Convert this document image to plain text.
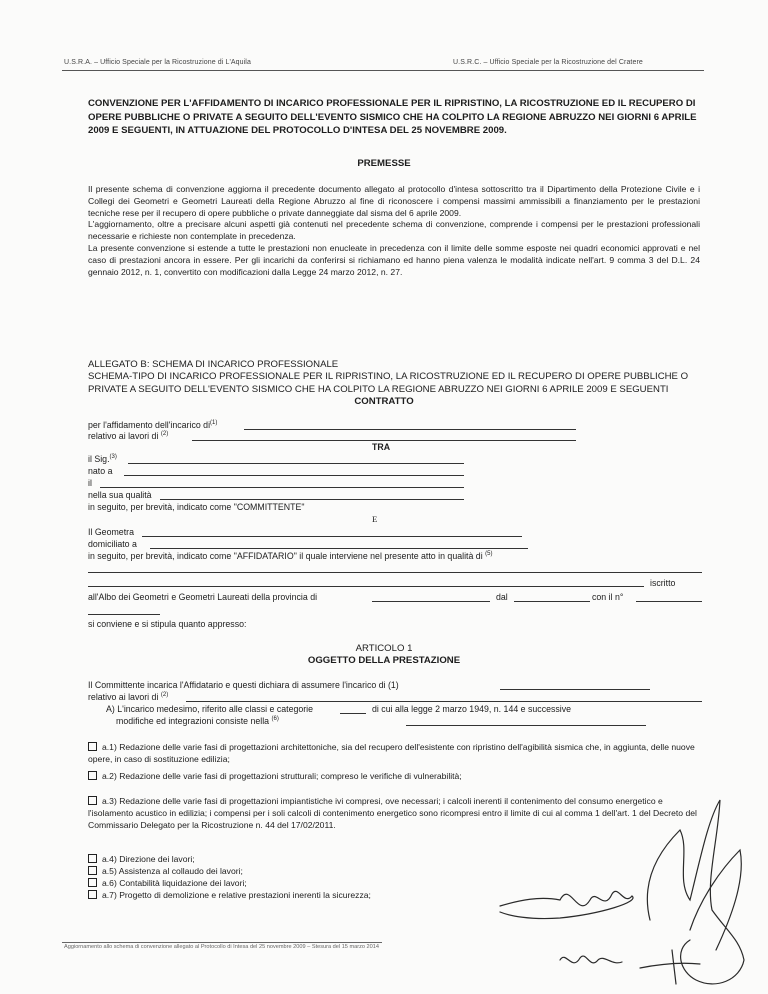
U.S.R.A. – Ufficio Speciale per la Ricostruzione di L'Aquila	U.S.R.C. – Ufficio Speciale per la Ricostruzione del Cratere
CONVENZIONE PER L'AFFIDAMENTO DI INCARICO PROFESSIONALE PER IL RIPRISTINO, LA RICOSTRUZIONE ED IL RECUPERO DI OPERE PUBBLICHE O PRIVATE A SEGUITO DELL'EVENTO SISMICO CHE HA COLPITO LA REGIONE ABRUZZO NEI GIORNI 6 APRILE 2009 E SEGUENTI, IN ATTUAZIONE DEL PROTOCOLLO D'INTESA DEL 25 NOVEMBRE 2009.
PREMESSE

Il presente schema di convenzione aggiorna il precedente documento allegato al protocollo d'intesa sottoscritto tra il Dipartimento della Protezione Civile e i Collegi dei Geometri e Geometri Laureati della Regione Abruzzo al fine di riconoscere i compensi massimi ammissibili a finanziamento per le prestazioni tecniche rese per il recupero di opere pubbliche o private danneggiate dal sisma del 6 aprile 2009.

L'aggiornamento, oltre a precisare alcuni aspetti già contenuti nel precedente schema di convenzione, comprende i compensi per le prestazioni professionali necessarie e richieste non contemplate in precedenza.

La presente convenzione si estende a tutte le prestazioni non enucleate in precedenza con il limite delle somme esposte nei quadri economici approvati e nel caso di prestazioni ancora in essere. Per gli incarichi da conferirsi si richiamano ed hanno piena valenza le modalità indicate nell'art. 9 comma 3 del D.L. 24 gennaio 2012, n. 1, convertito con modificazioni dalla Legge 24 marzo 2012, n. 27.

ALLEGATO B: SCHEMA DI INCARICO PROFESSIONALE
SCHEMA-TIPO DI INCARICO PROFESSIONALE PER IL RIPRISTINO, LA RICOSTRUZIONE ED IL RECUPERO DI OPERE PUBBLICHE O PRIVATE A SEGUITO DELL'EVENTO SISMICO CHE HA COLPITO LA REGIONE ABRUZZO NEI GIORNI 6 APRILE 2009 E SEGUENTI
CONTRATTO
per l'affidamento dell'incarico $di^{(1)}$
relativo ai lavori di $^{(2)}$
TRA
il Sig.$^{(3)}$
nato a
il
nella sua qualità
in seguito, per brevità, indicato come "COMMITTENTE"
E
Il Geometra
domiciliato a
in seguito, per brevità, indicato come "AFFIDATARIO" il quale interviene nel presente atto in qualità di $^{(5)}$
iscritto
all'Albo dei Geometri e Geometri Laureati della provincia di	dal	con il n°
si conviene e si stipula quanto appresso:
ARTICOLO 1
OGGETTO DELLA PRESTAZIONE
Il Committente incarica l'Affidatario e questi dichiara di assumere l'incarico di (1)
relativo ai lavori di $^{(2)}$
A) L'incarico medesimo, riferito alle classi e categorie	di cui alla legge 2 marzo 1949, n. 144 e successive
modifiche ed integrazioni consiste nella $^{(6)}$
a.1) Redazione delle varie fasi di progettazioni architettoniche, sia del recupero dell'esistente con ripristino dell'agibilità sismica che, in aggiunta, delle nuove opere, in caso di sostituzione edilizia;
a.2) Redazione delle varie fasi di progettazioni strutturali; compreso le verifiche di vulnerabilità;
a.3) Redazione delle varie fasi di progettazioni impiantistiche ivi compresi, ove necessari; i calcoli inerenti il contenimento del consumo energetico e l'isolamento acustico in edilizia; i compensi per i soli calcoli di contenimento energetico sono ricompresi entro il limite di cui al comma 1 dell'art. 1 del Decreto del Commissario Delegato per la Ricostruzione n. 44 del 17/02/2011.
a.4) Direzione dei lavori;
a.5) Assistenza al collaudo dei lavori;
a.6) Contabilità liquidazione dei lavori;
a.7) Progetto di demolizione e relative prestazioni inerenti la sicurezza;
Aggiornamento allo schema di convenzione allegato al Protocollo di Intesa del 25 novembre 2009 – Stesura del 15 marzo 2014
